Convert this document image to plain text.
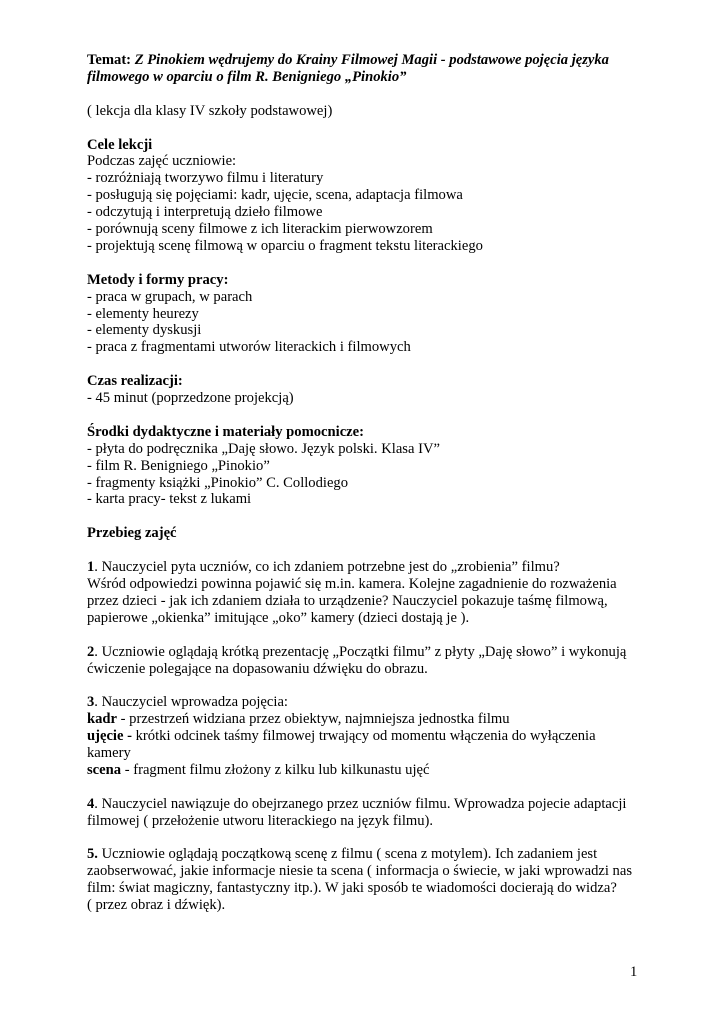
Temat: Z Pinokiem wędrujemy do Krainy Filmowej Magii - podstawowe pojęcia języka

filmowego w oparciu o film R. Benigniego „Pinokio”

( lekcja dla klasy IV szkoły podstawowej)

Cele lekcji

Podczas zajęć uczniowie:

- rozróżniają tworzywo filmu i literatury

- posługują się pojęciami: kadr, ujęcie, scena, adaptacja filmowa

- odczytują i interpretują dzieło filmowe

- porównują sceny filmowe z ich literackim pierwowzorem

- projektują scenę filmową w oparciu o fragment tekstu literackiego

Metody i formy pracy:

- praca w grupach, w parach

- elementy heurezy

- elementy dyskusji

- praca z fragmentami utworów literackich i filmowych

Czas realizacji:

- 45 minut (poprzedzone projekcją)

Środki dydaktyczne i materiały pomocnicze:

- płyta do podręcznika „Daję słowo. Język polski. Klasa IV”

- film R. Benigniego „Pinokio”

- fragmenty książki „Pinokio” C. Collodiego

- karta pracy- tekst z lukami

Przebieg zajęć

1. Nauczyciel pyta uczniów, co ich zdaniem potrzebne jest do „zrobienia” filmu?

Wśród odpowiedzi powinna pojawić się m.in. kamera. Kolejne zagadnienie do rozważenia

przez dzieci - jak ich zdaniem działa to urządzenie? Nauczyciel pokazuje taśmę filmową,

papierowe „okienka” imitujące „oko” kamery (dzieci dostają je ).

2. Uczniowie oglądają krótką prezentację „Początki filmu” z płyty „Daję słowo” i wykonują

ćwiczenie polegające na dopasowaniu dźwięku do obrazu.

3. Nauczyciel wprowadza pojęcia:

kadr - przestrzeń widziana przez obiektyw, najmniejsza jednostka filmu

ujęcie - krótki odcinek taśmy filmowej trwający od momentu włączenia do wyłączenia

kamery

scena - fragment filmu złożony z kilku lub kilkunastu ujęć

4. Nauczyciel nawiązuje do obejrzanego przez uczniów filmu. Wprowadza pojecie adaptacji

filmowej ( przełożenie utworu literackiego na język filmu).

5. Uczniowie oglądają początkową scenę z filmu ( scena z motylem). Ich zadaniem jest

zaobserwować, jakie informacje niesie ta scena ( informacja o świecie, w jaki wprowadzi nas

film: świat magiczny, fantastyczny itp.). W jaki sposób te wiadomości docierają do widza?

( przez obraz i dźwięk).

1
